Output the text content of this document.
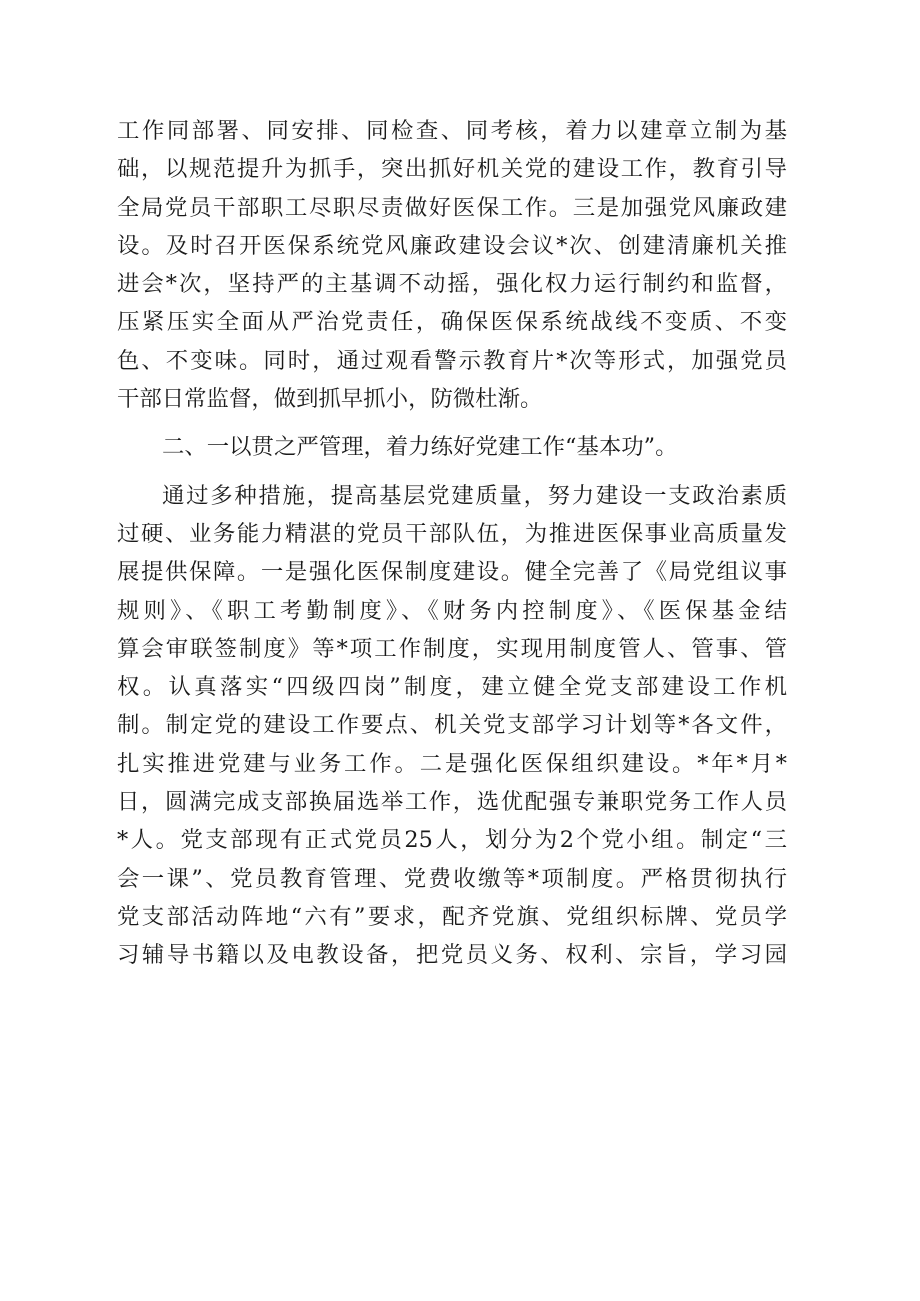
工作同部署、同安排、同检查、同考核，着力以建章立制为基
础，以规范提升为抓手，突出抓好机关党的建设工作，教育引导
全局党员干部职工尽职尽责做好医保工作。三是加强党风廉政建
设。及时召开医保系统党风廉政建设会议*次、创建清廉机关推
进会*次，坚持严的主基调不动摇，强化权力运行制约和监督，
压紧压实全面从严治党责任，确保医保系统战线不变质、不变
色、不变味。同时，通过观看警示教育片*次等形式，加强党员
干部日常监督，做到抓早抓小，防微杜渐。
二、一以贯之严管理，着力练好党建工作“基本功”。
通过多种措施，提高基层党建质量，努力建设一支政治素质
过硬、业务能力精湛的党员干部队伍，为推进医保事业高质量发
展提供保障。一是强化医保制度建设。健全完善了《局党组议事
规则》、《职工考勤制度》、《财务内控制度》、《医保基金结
算会审联签制度》等*项工作制度，实现用制度管人、管事、管
权。认真落实“四级四岗”制度，建立健全党支部建设工作机
制。制定党的建设工作要点、机关党支部学习计划等*各文件，
扎实推进党建与业务工作。二是强化医保组织建设。*年*月*
日，圆满完成支部换届选举工作，选优配强专兼职党务工作人员
*人。党支部现有正式党员25人，划分为2个党小组。制定“三
会一课”、党员教育管理、党费收缴等*项制度。严格贯彻执行
党支部活动阵地“六有”要求，配齐党旗、党组织标牌、党员学
习辅导书籍以及电教设备，把党员义务、权利、宗旨，学习园
